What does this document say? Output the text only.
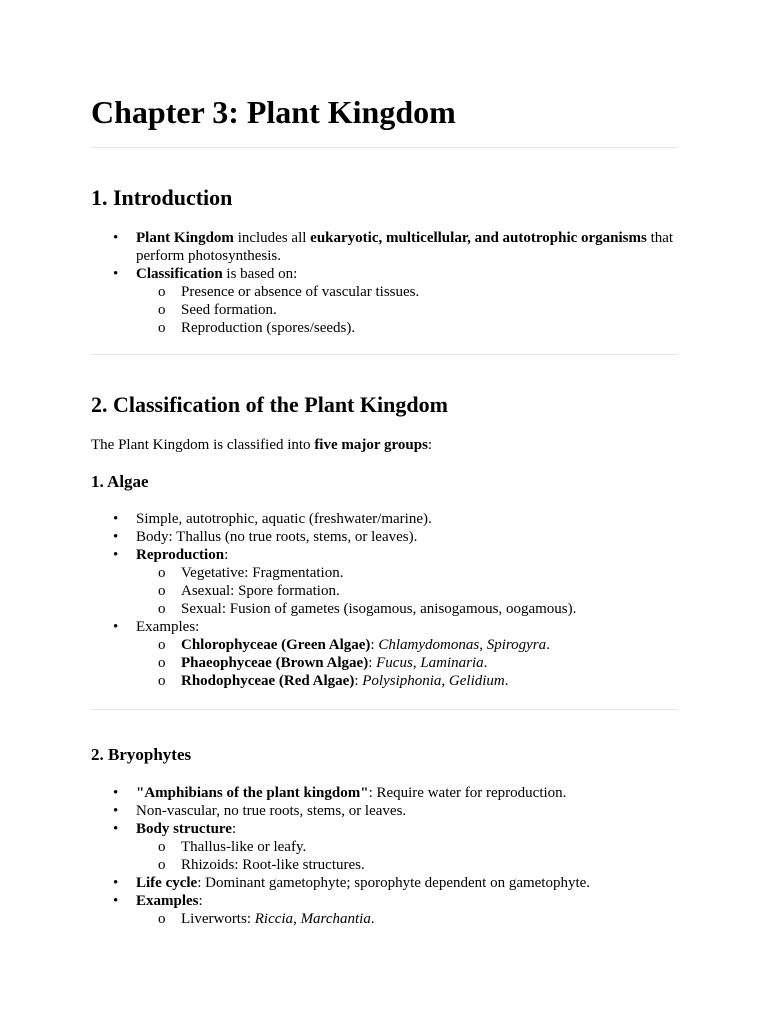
Chapter 3: Plant Kingdom
1. Introduction
• Plant Kingdom includes all eukaryotic, multicellular, and autotrophic organisms that perform photosynthesis.
• Classification is based on:
o Presence or absence of vascular tissues.
o Seed formation.
o Reproduction (spores/seeds).
2. Classification of the Plant Kingdom

The Plant Kingdom is classified into five major groups:

1. Algae
• Simple, autotrophic, aquatic (freshwater/marine).
• Body: Thallus (no true roots, stems, or leaves).
• Reproduction:
o Vegetative: Fragmentation.
o Asexual: Spore formation.
o Sexual: Fusion of gametes (isogamous, anisogamous, oogamous).
• Examples:
o Chlorophyceae (Green Algae): Chlamydomonas, Spirogyra.
o Phaeophyceae (Brown Algae): Fucus, Laminaria.
o Rhodophyceae (Red Algae): Polysiphonia, Gelidium.
2. Bryophytes
• "Amphibians of the plant kingdom": Require water for reproduction.
• Non-vascular, no true roots, stems, or leaves.
• Body structure:
o Thallus-like or leafy.
o Rhizoids: Root-like structures.
• Life cycle: Dominant gametophyte; sporophyte dependent on gametophyte.
• Examples:
o Liverworts: Riccia, Marchantia.
